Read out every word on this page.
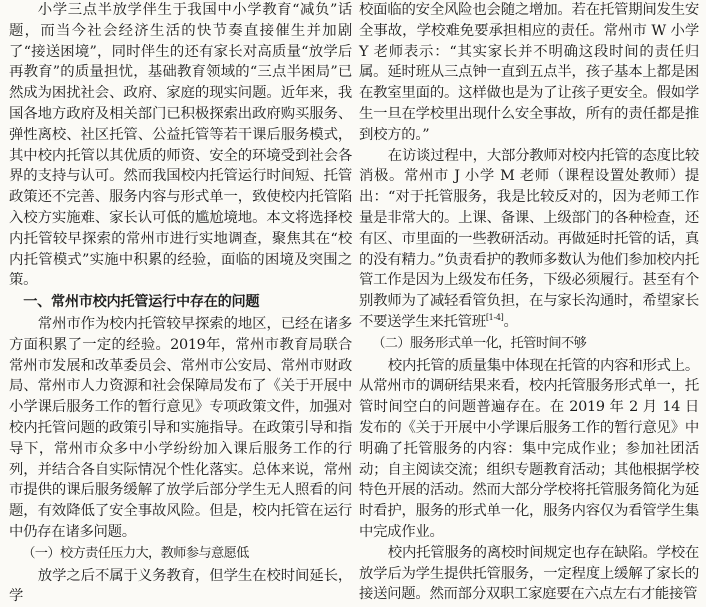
小学三点半放学伴生于我国中小学教育“减负”话题，而当今社会经济生活的快节奏直接催生并加剧了“接送困境”，同时伴生的还有家长对高质量“放学后再教育”的质量担忧，基础教育领域的“三点半困局”已然成为困扰社会、政府、家庭的现实问题。近年来，我国各地方政府及相关部门已积极探索出政府购买服务、弹性离校、社区托管、公益托管等若干课后服务模式，其中校内托管以其优质的师资、安全的环境受到社会各界的支持与认可。然而我国校内托管运行时间短、托管政策还不完善、服务内容与形式单一，致使校内托管陷入校方实施难、家长认可低的尴尬境地。本文将选择校内托管较早探索的常州市进行实地调查，聚焦其在“校内托管模式”实施中积累的经验，面临的困境及突围之策。

一、常州市校内托管运行中存在的问题

常州市作为校内托管较早探索的地区，已经在诸多方面积累了一定的经验。2019年，常州市教育局联合常州市发展和改革委员会、常州市公安局、常州市财政局、常州市人力资源和社会保障局发布了《关于开展中小学课后服务工作的暂行意见》专项政策文件，加强对校内托管问题的政策引导和实施指导。在政策引导和指导下，常州市众多中小学纷纷加入课后服务工作的行列，并结合各自实际情况个性化落实。总体来说，常州市提供的课后服务缓解了放学后部分学生无人照看的问题，有效降低了安全事故风险。但是，校内托管在运行中仍存在诸多问题。

（一）校方责任压力大，教师参与意愿低

放学之后不属于义务教育，但学生在校时间延长，学

校面临的安全风险也会随之增加。若在托管期间发生安全事故，学校难免要承担相应的责任。常州市 W 小学 Y 老师表示：“其实家长并不明确这段时间的责任归属。延时班从三点钟一直到五点半，孩子基本上都是困在教室里面的。这样做也是为了让孩子更安全。假如学生一旦在学校里出现什么安全事故，所有的责任都是推到校方的。”

在访谈过程中，大部分教师对校内托管的态度比较消极。常州市 J 小学 M 老师（课程设置处教师）提出：“对于托管服务，我是比较反对的，因为老师工作量是非常大的。上课、备课、上级部门的各种检查，还有区、市里面的一些教研活动。再做延时托管的话，真的没有精力。”负责看护的教师多数认为他们参加校内托管工作是因为上级发布任务，下级必须履行。甚至有个别教师为了减轻看管负担，在与家长沟通时，希望家长不要送学生来托管班[1-4]。

（二）服务形式单一化，托管时间不够

校内托管的质量集中体现在托管的内容和形式上。从常州市的调研结果来看，校内托管服务形式单一，托管时间空白的问题普遍存在。在 2019 年 2 月 14 日发布的《关于开展中小学课后服务工作的暂行意见》中明确了托管服务的内容：集中完成作业；参加社团活动；自主阅读交流；组织专题教育活动；其他根据学校特色开展的活动。然而大部分学校将托管服务简化为延时看护，服务的形式单一化，服务内容仅为看管学生集中完成作业。

校内托管服务的离校时间规定也存在缺陷。学校在放学后为学生提供托管服务，一定程度上缓解了家长的接送问题。然而部分双职工家庭要在六点左右才能接管
